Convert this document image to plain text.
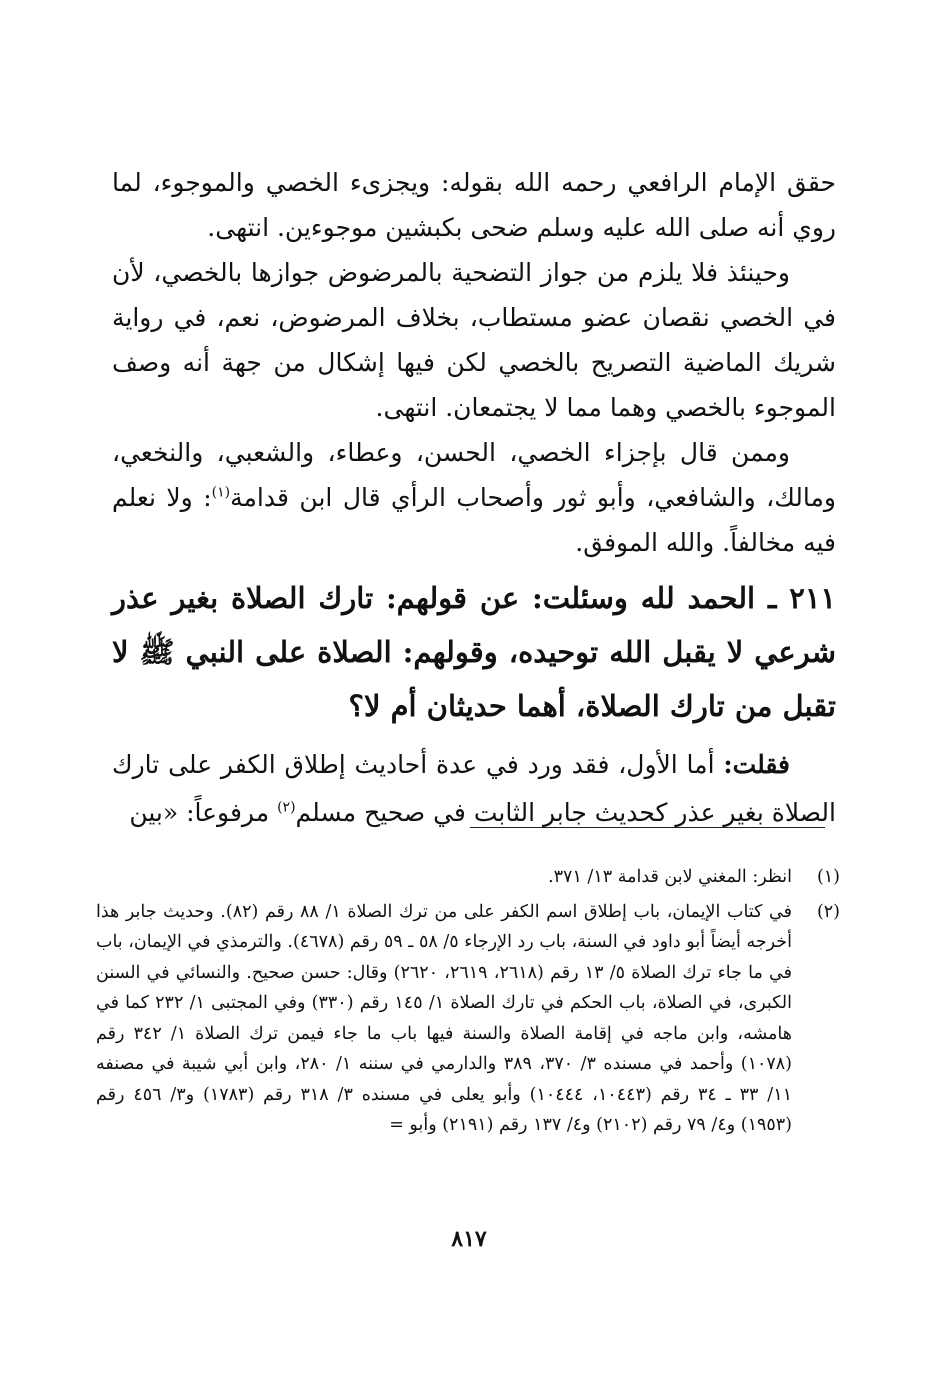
حقق الإمام الرافعي رحمه الله بقوله: ويجزىء الخصي والموجوء، لما روي أنه صلى الله عليه وسلم ضحى بكبشين موجوءين. انتهى.

وحينئذ فلا يلزم من جواز التضحية بالمرضوض جوازها بالخصي، لأن في الخصي نقصان عضو مستطاب، بخلاف المرضوض، نعم، في رواية شريك الماضية التصريح بالخصي لكن فيها إشكال من جهة أنه وصف الموجوء بالخصي وهما مما لا يجتمعان. انتهى.

وممن قال بإجزاء الخصي، الحسن، وعطاء، والشعبي، والنخعي، ومالك، والشافعي، وأبو ثور وأصحاب الرأي قال ابن قدامة$^{(١)}$: ولا نعلم فيه مخالفاً. والله الموفق.

٢١١ ـ الحمد لله وسئلت: عن قولهم: تارك الصلاة بغير عذر شرعي لا يقبل الله توحيده، وقولهم: الصلاة على النبي ﷺ لا تقبل من تارك الصلاة، أهما حديثان أم لا؟

فقلت: أما الأول، فقد ورد في عدة أحاديث إطلاق الكفر على تارك الصلاة بغير عذر كحديث جابر الثابت في صحيح مسلم$^{(٢)}$ مرفوعاً: «بين

(١)
انظر: المغني لابن قدامة ١٣/ ٣٧١.
(٢)
في كتاب الإيمان، باب إطلاق اسم الكفر على من ترك الصلاة ١/ ٨٨ رقم (٨٢). وحديث جابر هذا أخرجه أيضاً أبو داود في السنة، باب رد الإرجاء ٥/ ٥٨ ـ ٥٩ رقم (٤٦٧٨). والترمذي في الإيمان، باب في ما جاء ترك الصلاة ٥/ ١٣ رقم (٢٦١٨، ٢٦١٩، ٢٦٢٠) وقال: حسن صحيح. والنسائي في السنن الكبرى، في الصلاة، باب الحكم في تارك الصلاة ١/ ١٤٥ رقم (٣٣٠) وفي المجتبى ١/ ٢٣٢ كما في هامشه، وابن ماجه في إقامة الصلاة والسنة فيها باب ما جاء فيمن ترك الصلاة ١/ ٣٤٢ رقم (١٠٧٨) وأحمد في مسنده ٣/ ٣٧٠، ٣٨٩ والدارمي في سننه ١/ ٢٨٠، وابن أبي شيبة في مصنفه ١١/ ٣٣ ـ ٣٤ رقم (١٠٤٤٣، ١٠٤٤٤) وأبو يعلى في مسنده ٣/ ٣١٨ رقم (١٧٨٣) و٣/ ٤٥٦ رقم (١٩٥٣) و٤/ ٧٩ رقم (٢١٠٢) و٤/ ١٣٧ رقم (٢١٩١) وأبو =
٨١٧
